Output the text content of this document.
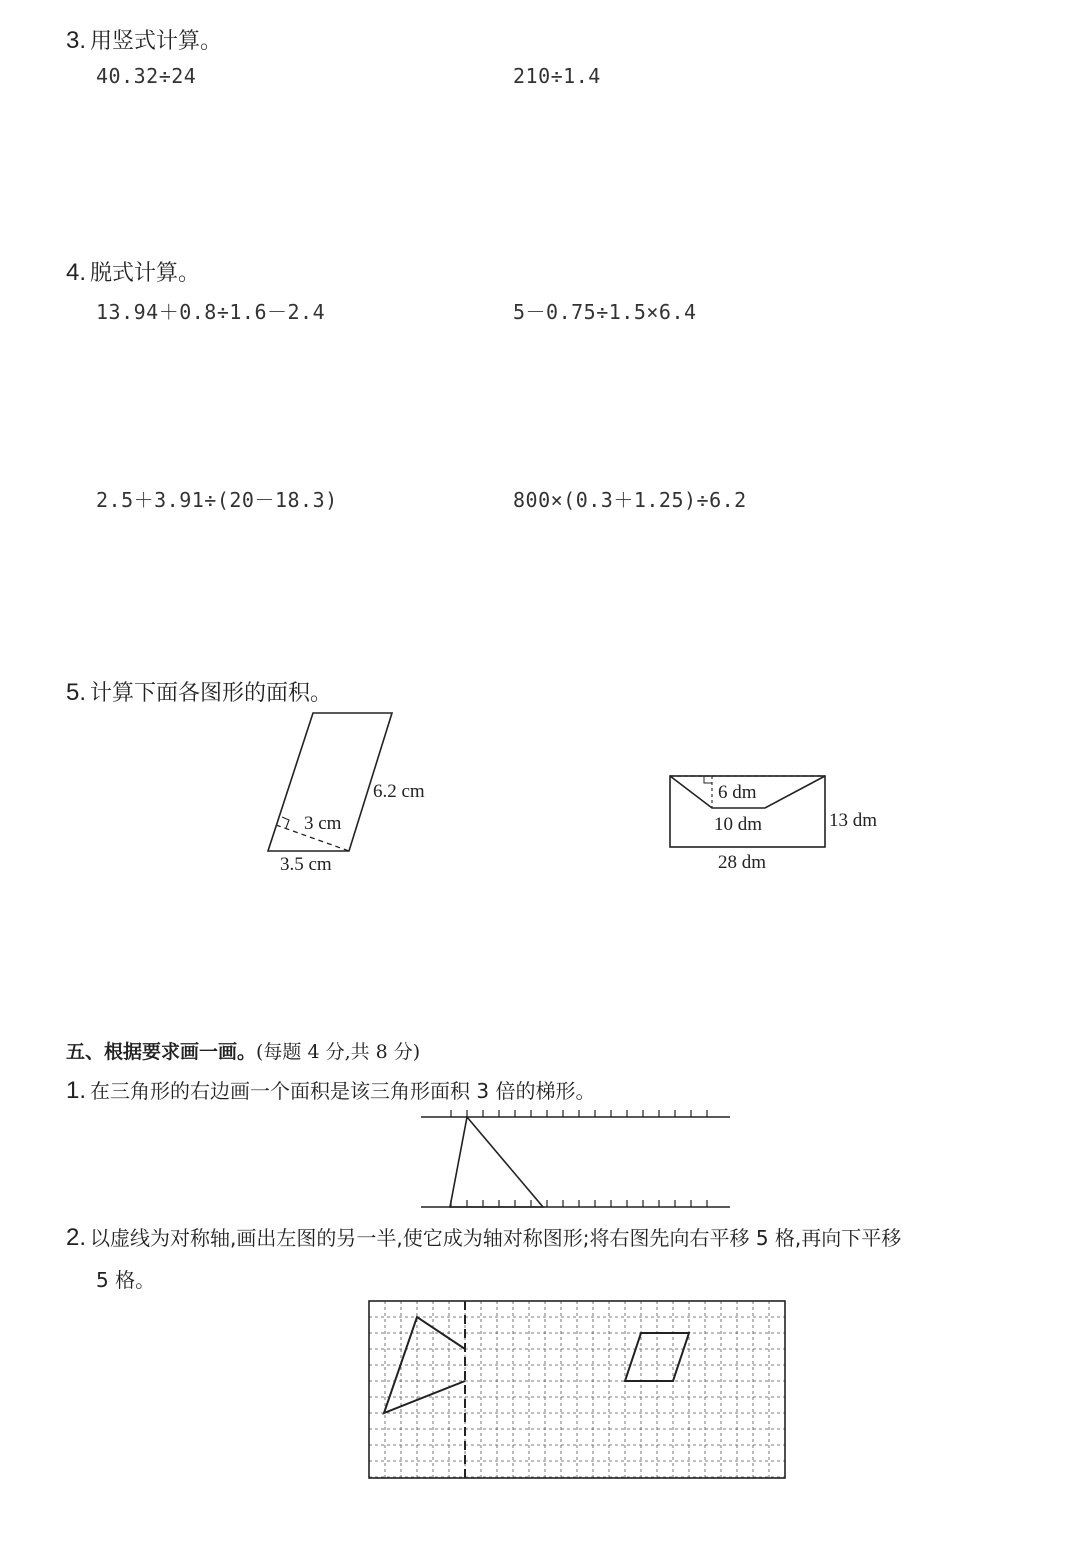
3. 用竖式计算。
40.32÷24	210÷1.4
4. 脱式计算。
13.94＋0.8÷1.6－2.4	5－0.75÷1.5×6.4
2.5＋3.91÷(20－18.3)	800×(0.3＋1.25)÷6.2
5. 计算下面各图形的面积。
6.2 cm
3 cm
3.5 cm
6 dm
10 dm	13 dm
28 dm
五、根据要求画一画。(每题 4 分,共 8 分)
1. 在三角形的右边画一个面积是该三角形面积 3 倍的梯形。
2. 以虚线为对称轴,画出左图的另一半,使它成为轴对称图形;将右图先向右平移 5 格,再向下平移
5 格。
